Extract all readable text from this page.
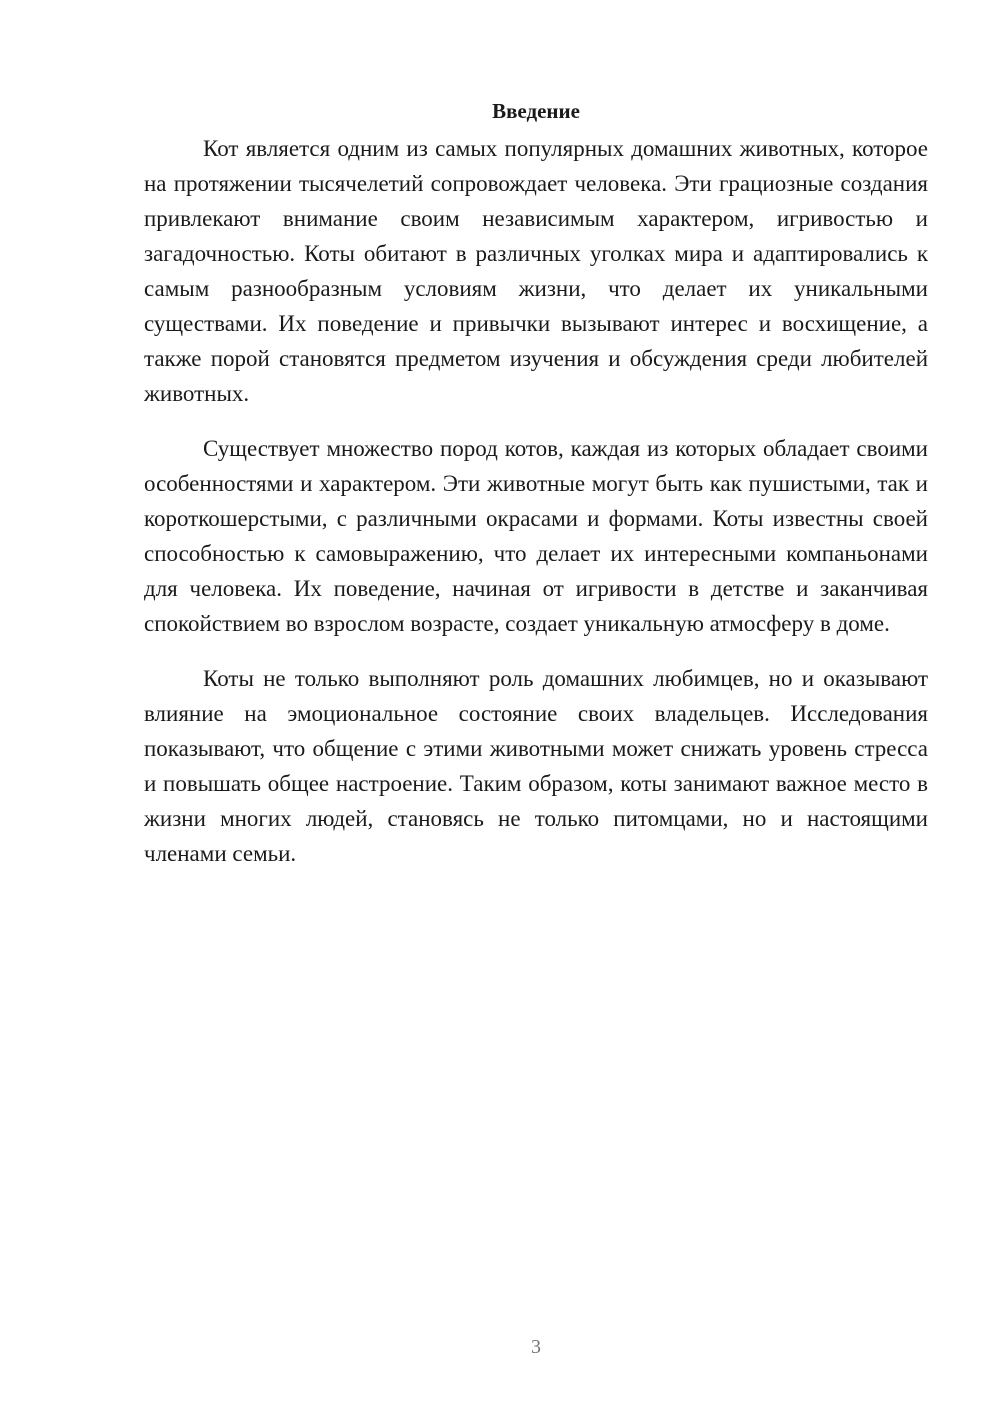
Введение

Кот является одним из самых популярных домашних животных, которое на протяжении тысячелетий сопровождает человека. Эти грациозные создания привлекают внимание своим независимым характером, игривостью и загадочностью. Коты обитают в различных уголках мира и адаптировались к самым разнообразным условиям жизни, что делает их уникальными существами. Их поведение и привычки вызывают интерес и восхищение, а также порой становятся предметом изучения и обсуждения среди любителей животных.

Существует множество пород котов, каждая из которых обладает своими особенностями и характером. Эти животные могут быть как пушистыми, так и короткошерстыми, с различными окрасами и формами. Коты известны своей способностью к самовыражению, что делает их интересными компаньонами для человека. Их поведение, начиная от игривости в детстве и заканчивая спокойствием во взрослом возрасте, создает уникальную атмосферу в доме.

Коты не только выполняют роль домашних любимцев, но и оказывают влияние на эмоциональное состояние своих владельцев. Исследования показывают, что общение с этими животными может снижать уровень стресса и повышать общее настроение. Таким образом, коты занимают важное место в жизни многих людей, становясь не только питомцами, но и настоящими членами семьи.

3
